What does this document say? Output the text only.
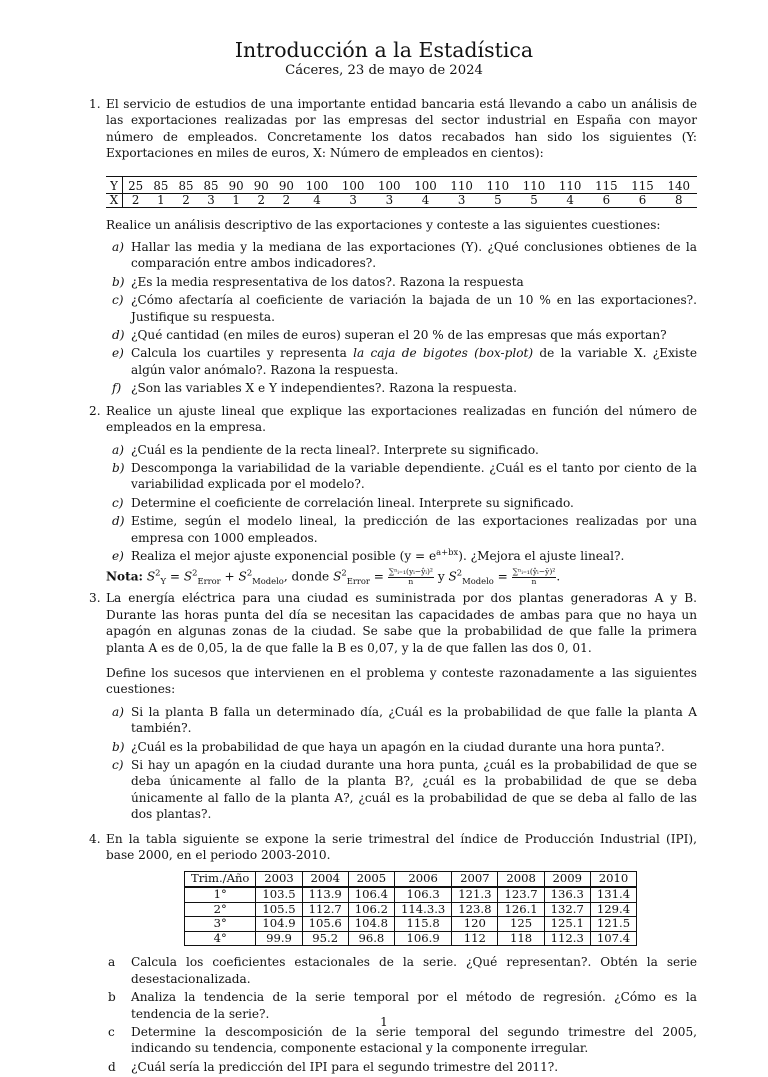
Introducción a la Estadística
Cáceres, 23 de mayo de 2024
1. El servicio de estudios de una importante entidad bancaria está llevando a cabo un análisis de las exportaciones realizadas por las empresas del sector industrial en España con mayor número de empleados. Concretamente los datos recabados han sido los siguientes (Y: Exportaciones en miles de euros, X: Número de empleados en cientos):

Y	25	85	85	85	90	90	90	100	100	100	100	110	110	110	110	115	115	140
X	2	1	2	3	1	2	2	4	3	3	4	3	5	5	4	6	6	8

Realice un análisis descriptivo de las exportaciones y conteste a las siguientes cuestiones:

a) Hallar las media y la mediana de las exportaciones (Y). ¿Qué conclusiones obtienes de la comparación entre ambos indicadores?.

b) ¿Es la media respresentativa de los datos?. Razona la respuesta

c) ¿Cómo afectaría al coeficiente de variación la bajada de un 10 % en las exportaciones?. Justifique su respuesta.

d) ¿Qué cantidad (en miles de euros) superan el 20 % de las empresas que más exportan?

e) Calcula los cuartiles y representa la caja de bigotes (box-plot) de la variable X. ¿Existe algún valor anómalo?. Razona la respuesta.

f) ¿Son las variables X e Y independientes?. Razona la respuesta.

2. Realice un ajuste lineal que explique las exportaciones realizadas en función del número de empleados en la empresa.

a) ¿Cuál es la pendiente de la recta lineal?. Interprete su significado.

b) Descomponga la variabilidad de la variable dependiente. ¿Cuál es el tanto por ciento de la variabilidad explicada por el modelo?.

c) Determine el coeficiente de correlación lineal. Interprete su significado.

d) Estime, según el modelo lineal, la predicción de las exportaciones realizadas por una empresa con 1000 empleados.

e) Realiza el mejor ajuste exponencial posible $(y = e^{a+bx})$. ¿Mejora el ajuste lineal?.

Nota: $S^2_Y = S^2_{Error} + S^2_{Modelo}$, donde $S^2_{Error} = \frac{\text{∑ⁿᵢ₌₁(yᵢ−ŷᵢ)²}}{n}$ y $S^2_{Modelo} = \frac{\text{∑ⁿᵢ₌₁(ŷᵢ−ȳ)²}}{n}$ .

3. La energía eléctrica para una ciudad es suministrada por dos plantas generadoras A y B. Durante las horas punta del día se necesitan las capacidades de ambas para que no haya un apagón en algunas zonas de la ciudad. Se sabe que la probabilidad de que falle la primera planta A es de 0,05, la de que falle la B es 0,07, y la de que fallen las dos 0, 01.

Define los sucesos que intervienen en el problema y conteste razonadamente a las siguientes cuestiones:

a) Si la planta B falla un determinado día, ¿Cuál es la probabilidad de que falle la planta A también?.

b) ¿Cuál es la probabilidad de que haya un apagón en la ciudad durante una hora punta?.

c) Si hay un apagón en la ciudad durante una hora punta, ¿cuál es la probabilidad de que se deba únicamente al fallo de la planta B?, ¿cuál es la probabilidad de que se deba únicamente al fallo de la planta A?, ¿cuál es la probabilidad de que se deba al fallo de las dos plantas?.

4. En la tabla siguiente se expone la serie trimestral del índice de Producción Industrial (IPI), base 2000, en el periodo 2003-2010.

Trim./Año	2003	2004	2005	2006	2007	2008	2009	2010
1°	103.5	113.9	106.4	106.3	121.3	123.7	136.3	131.4
2°	105.5	112.7	106.2	114.3.3	123.8	126.1	132.7	129.4
3°	104.9	105.6	104.8	115.8	120	125	125.1	121.5
4°	99.9	95.2	96.8	106.9	112	118	112.3	107.4
a Calcula los coeficientes estacionales de la serie. ¿Qué representan?. Obtén la serie desestacionalizada.

b Analiza la tendencia de la serie temporal por el método de regresión. ¿Cómo es la tendencia de la serie?.

c Determine la descomposición de la serie temporal del segundo trimestre del 2005, indicando su tendencia, componente estacional y la componente irregular.

d ¿Cuál sería la predicción del IPI para el segundo trimestre del 2011?.

1
